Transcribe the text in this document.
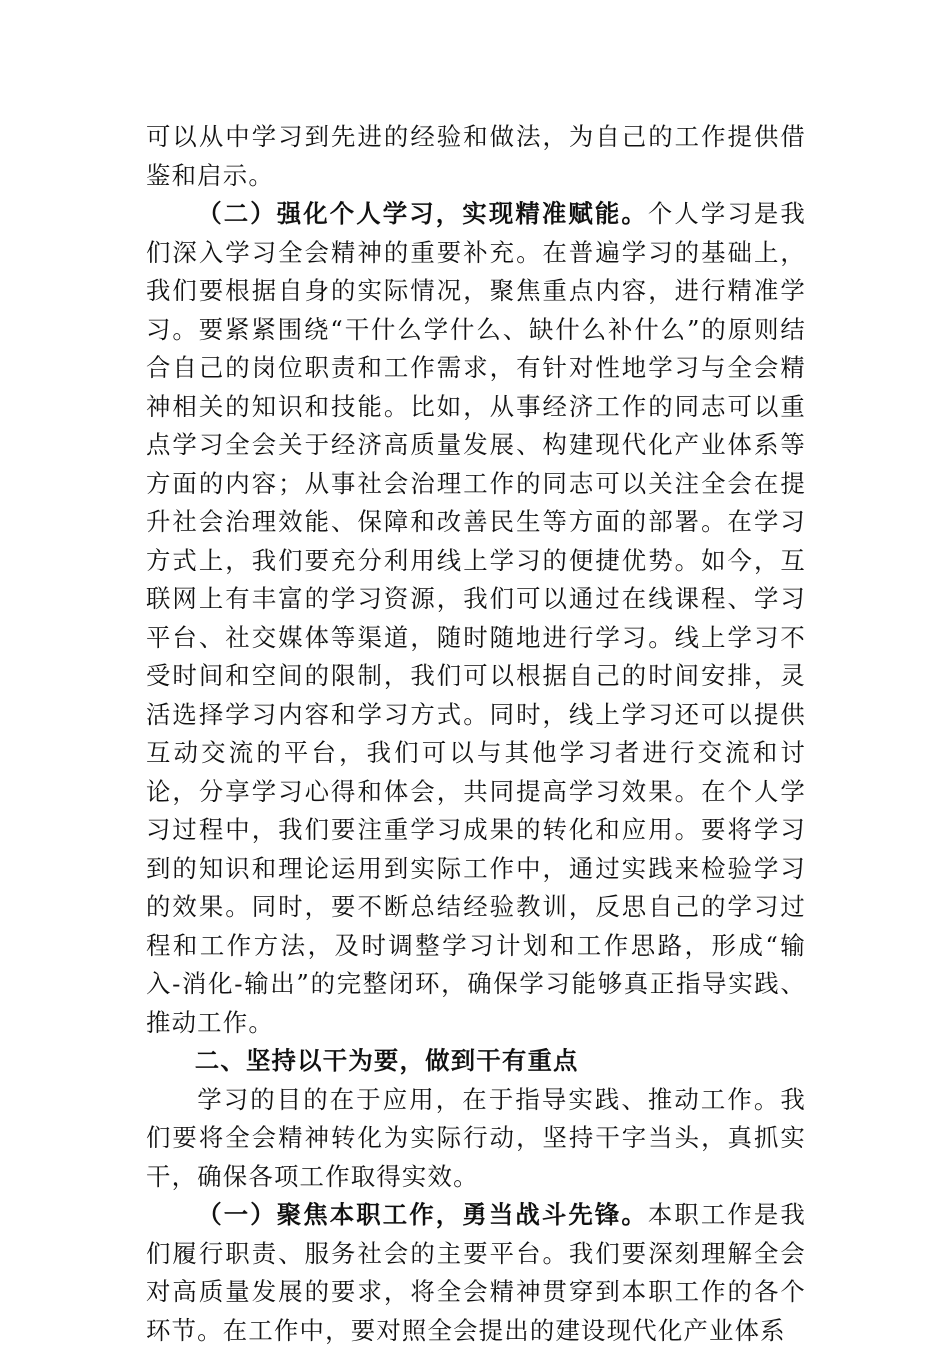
可以从中学习到先进的经验和做法，为自己的工作提供借鉴和启示。

（二）强化个人学习，实现精准赋能。个人学习是我们深入学习全会精神的重要补充。在普遍学习的基础上，我们要根据自身的实际情况，聚焦重点内容，进行精准学习。要紧紧围绕“干什么学什么、缺什么补什么”的原则结合自己的岗位职责和工作需求，有针对性地学习与全会精神相关的知识和技能。比如，从事经济工作的同志可以重点学习全会关于经济高质量发展、构建现代化产业体系等方面的内容；从事社会治理工作的同志可以关注全会在提升社会治理效能、保障和改善民生等方面的部署。在学习方式上，我们要充分利用线上学习的便捷优势。如今，互联网上有丰富的学习资源，我们可以通过在线课程、学习平台、社交媒体等渠道，随时随地进行学习。线上学习不受时间和空间的限制，我们可以根据自己的时间安排，灵活选择学习内容和学习方式。同时，线上学习还可以提供互动交流的平台，我们可以与其他学习者进行交流和讨论，分享学习心得和体会，共同提高学习效果。在个人学习过程中，我们要注重学习成果的转化和应用。要将学习到的知识和理论运用到实际工作中，通过实践来检验学习的效果。同时，要不断总结经验教训，反思自己的学习过程和工作方法，及时调整学习计划和工作思路，形成“输入-消化-输出”的完整闭环，确保学习能够真正指导实践、推动工作。

二、坚持以干为要，做到干有重点

学习的目的在于应用，在于指导实践、推动工作。我们要将全会精神转化为实际行动，坚持干字当头，真抓实干，确保各项工作取得实效。

（一）聚焦本职工作，勇当战斗先锋。本职工作是我们履行职责、服务社会的主要平台。我们要深刻理解全会对高质量发展的要求，将全会精神贯穿到本职工作的各个环节。在工作中，要对照全会提出的建设现代化产业体系
